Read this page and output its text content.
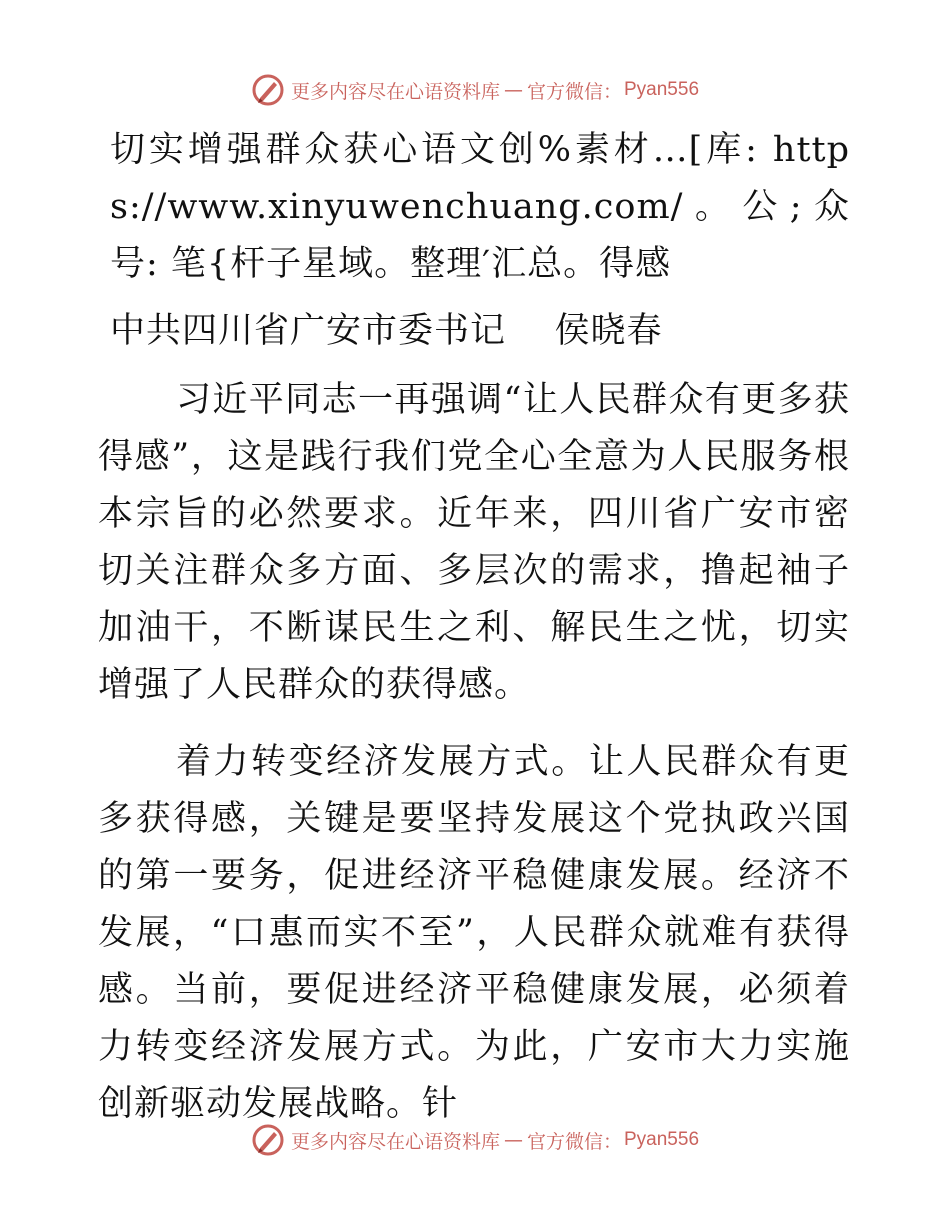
更多内容尽在心语资料库 — 官方微信： Pyan556

切实增强群众获心语文创%素材…[库: https://www.xinyuwenchuang.com/。公;众号: 笔{杆子星域。整理′汇总。得感

中共四川省广安市委书记    侯晓春

习近平同志一再强调“让人民群众有更多获得感”，这是践行我们党全心全意为人民服务根本宗旨的必然要求。近年来，四川省广安市密切关注群众多方面、多层次的需求，撸起袖子加油干，不断谋民生之利、解民生之忧，切实增强了人民群众的获得感。

着力转变经济发展方式。让人民群众有更多获得感，关键是要坚持发展这个党执政兴国的第一要务，促进经济平稳健康发展。经济不发展，“口惠而实不至”，人民群众就难有获得感。当前，要促进经济平稳健康发展，必须着力转变经济发展方式。为此，广安市大力实施创新驱动发展战略。针

更多内容尽在心语资料库 — 官方微信： Pyan556
